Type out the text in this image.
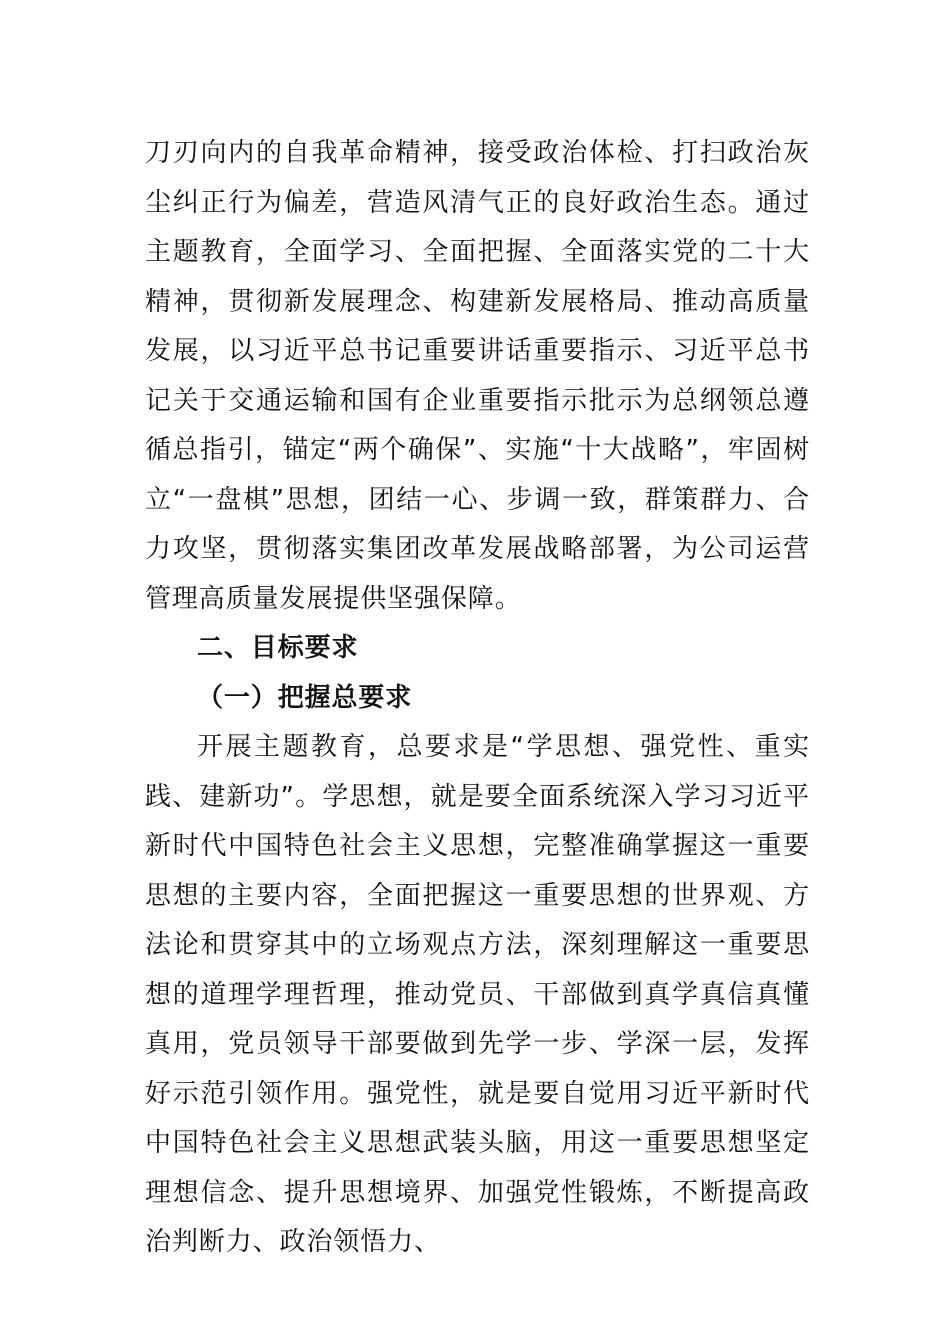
刀刃向内的自我革命精神，接受政治体检、打扫政治灰尘纠正行为偏差，营造风清气正的良好政治生态。通过主题教育，全面学习、全面把握、全面落实党的二十大精神，贯彻新发展理念、构建新发展格局、推动高质量发展，以习近平总书记重要讲话重要指示、习近平总书记关于交通运输和国有企业重要指示批示为总纲领总遵循总指引，锚定“两个确保”、实施“十大战略”，牢固树立“一盘棋”思想，团结一心、步调一致，群策群力、合力攻坚，贯彻落实集团改革发展战略部署，为公司运营管理高质量发展提供坚强保障。

二、目标要求

（一）把握总要求

开展主题教育，总要求是“学思想、强党性、重实践、建新功”。学思想，就是要全面系统深入学习习近平新时代中国特色社会主义思想，完整准确掌握这一重要思想的主要内容，全面把握这一重要思想的世界观、方法论和贯穿其中的立场观点方法，深刻理解这一重要思想的道理学理哲理，推动党员、干部做到真学真信真懂真用，党员领导干部要做到先学一步、学深一层，发挥好示范引领作用。强党性，就是要自觉用习近平新时代中国特色社会主义思想武装头脑，用这一重要思想坚定理想信念、提升思想境界、加强党性锻炼，不断提高政治判断力、政治领悟力、
